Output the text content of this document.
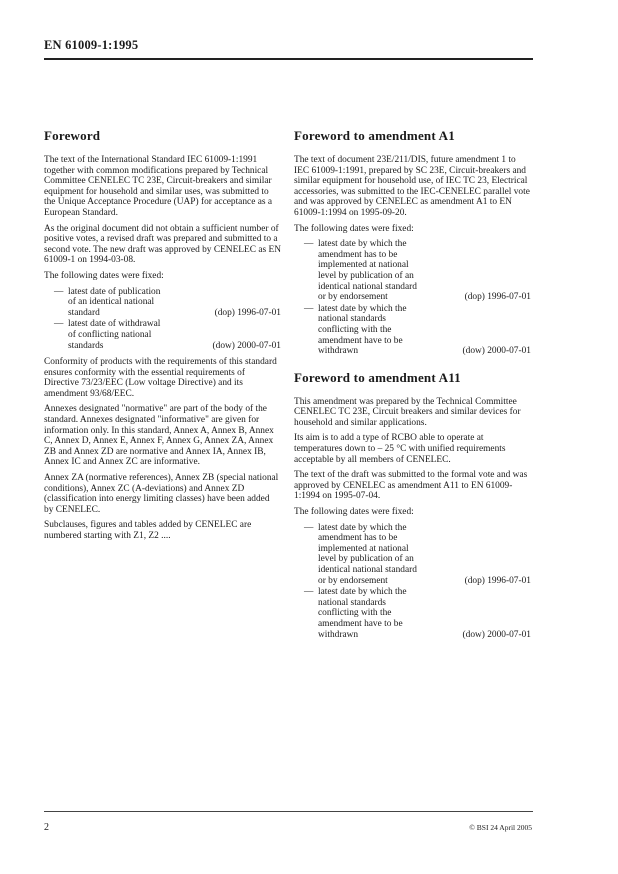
EN 61009-1:1995
Foreword

The text of the International Standard IEC 61009-1:1991 together with common modifications prepared by Technical Committee CENELEC TC 23E, Circuit-breakers and similar equipment for household and similar uses, was submitted to the Unique Acceptance Procedure (UAP) for acceptance as a European Standard.

As the original document did not obtain a sufficient number of positive votes, a revised draft was prepared and submitted to a second vote. The new draft was approved by CENELEC as EN 61009-1 on 1994-03-08.

The following dates were fixed:

— latest date of publication
of an identical national
standard	(dop) 1996-07-01
— latest date of withdrawal
of conflicting national
standards	(dow) 2000-07-01

Conformity of products with the requirements of this standard ensures conformity with the essential requirements of Directive 73/23/EEC (Low voltage Directive) and its amendment 93/68/EEC.

Annexes designated "normative" are part of the body of the standard. Annexes designated "informative" are given for information only. In this standard, Annex A, Annex B, Annex C, Annex D, Annex E, Annex F, Annex G, Annex ZA, Annex ZB and Annex ZD are normative and Annex IA, Annex IB, Annex IC and Annex ZC are informative.

Annex ZA (normative references), Annex ZB (special national conditions), Annex ZC (A-deviations) and Annex ZD (classification into energy limiting classes) have been added by CENELEC.

Subclauses, figures and tables added by CENELEC are numbered starting with Z1, Z2 ....

Foreword to amendment A1

The text of document 23E/211/DIS, future amendment 1 to IEC 61009-1:1991, prepared by SC 23E, Circuit-breakers and similar equipment for household use, of IEC TC 23, Electrical accessories, was submitted to the IEC-CENELEC parallel vote and was approved by CENELEC as amendment A1 to EN 61009-1:1994 on 1995-09-20.

The following dates were fixed:

— latest date by which the
amendment has to be
implemented at national
level by publication of an
identical national standard
or by endorsement	(dop) 1996-07-01
— latest date by which the
national standards
conflicting with the
amendment have to be
withdrawn	(dow) 2000-07-01
Foreword to amendment A11

This amendment was prepared by the Technical Committee CENELEC TC 23E, Circuit breakers and similar devices for household and similar applications.

Its aim is to add a type of RCBO able to operate at temperatures down to – 25 °C with unified requirements acceptable by all members of CENELEC.

The text of the draft was submitted to the formal vote and was approved by CENELEC as amendment A11 to EN 61009-1:1994 on 1995-07-04.

The following dates were fixed:

— latest date by which the
amendment has to be
implemented at national
level by publication of an
identical national standard
or by endorsement	(dop) 1996-07-01
— latest date by which the
national standards
conflicting with the
amendment have to be
withdrawn	(dow) 2000-07-01
2	© BSI 24 April 2005
